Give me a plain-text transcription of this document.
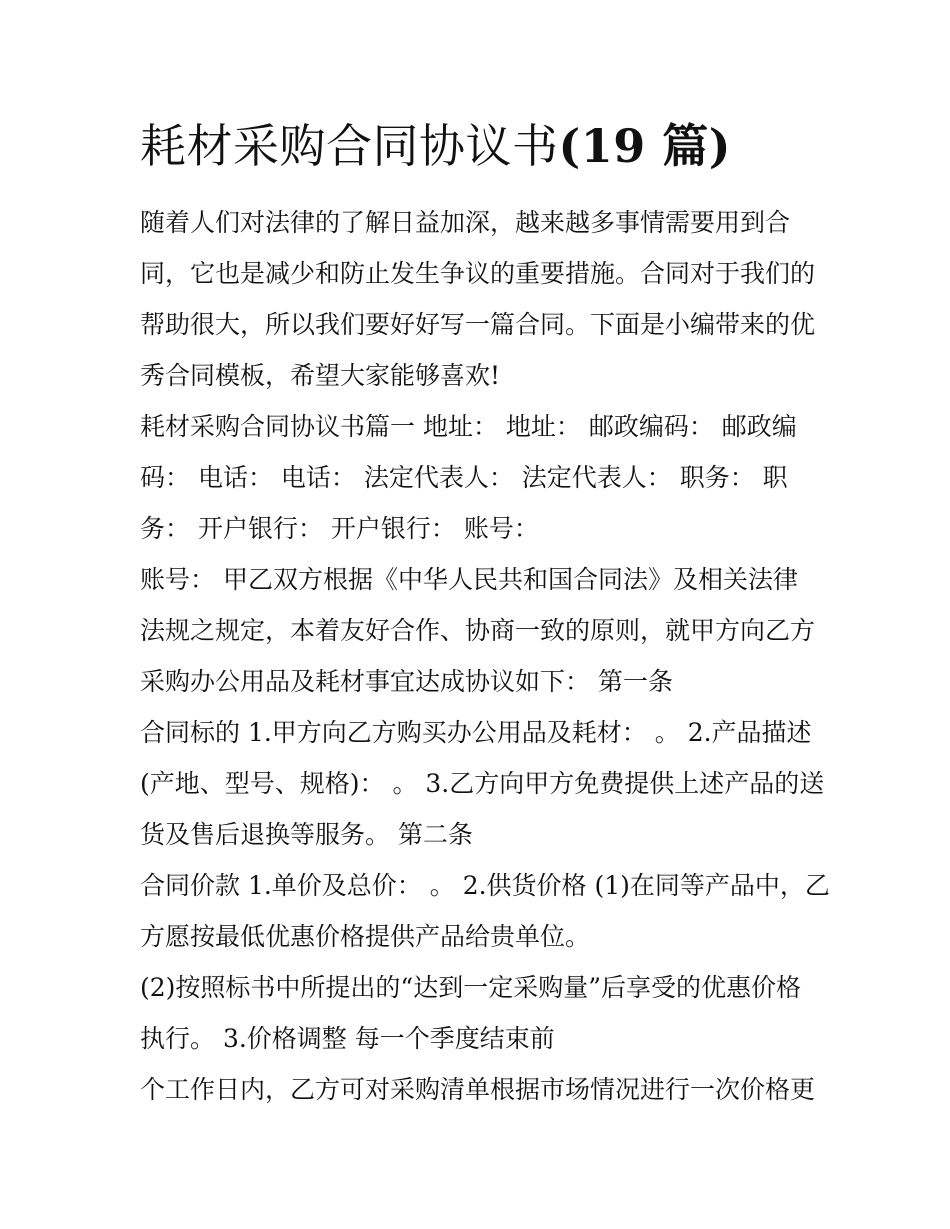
耗材采购合同协议书(19 篇)
随着人们对法律的了解日益加深，越来越多事情需要用到合
同，它也是减少和防止发生争议的重要措施。合同对于我们的
帮助很大，所以我们要好好写一篇合同。下面是小编带来的优
秀合同模板，希望大家能够喜欢!
耗材采购合同协议书篇一 地址： 地址： 邮政编码： 邮政编
码： 电话： 电话： 法定代表人： 法定代表人： 职务： 职
务： 开户银行： 开户银行： 账号：
账号： 甲乙双方根据《中华人民共和国合同法》及相关法律
法规之规定，本着友好合作、协商一致的原则，就甲方向乙方
采购办公用品及耗材事宜达成协议如下： 第一条
合同标的 1.甲方向乙方购买办公用品及耗材： 。 2.产品描述
(产地、型号、规格)： 。 3.乙方向甲方免费提供上述产品的送
货及售后退换等服务。 第二条
合同价款 1.单价及总价： 。 2.供货价格 (1)在同等产品中，乙
方愿按最低优惠价格提供产品给贵单位。
(2)按照标书中所提出的“达到一定采购量”后享受的优惠价格
执行。 3.价格调整 每一个季度结束前
个工作日内，乙方可对采购清单根据市场情况进行一次价格更
